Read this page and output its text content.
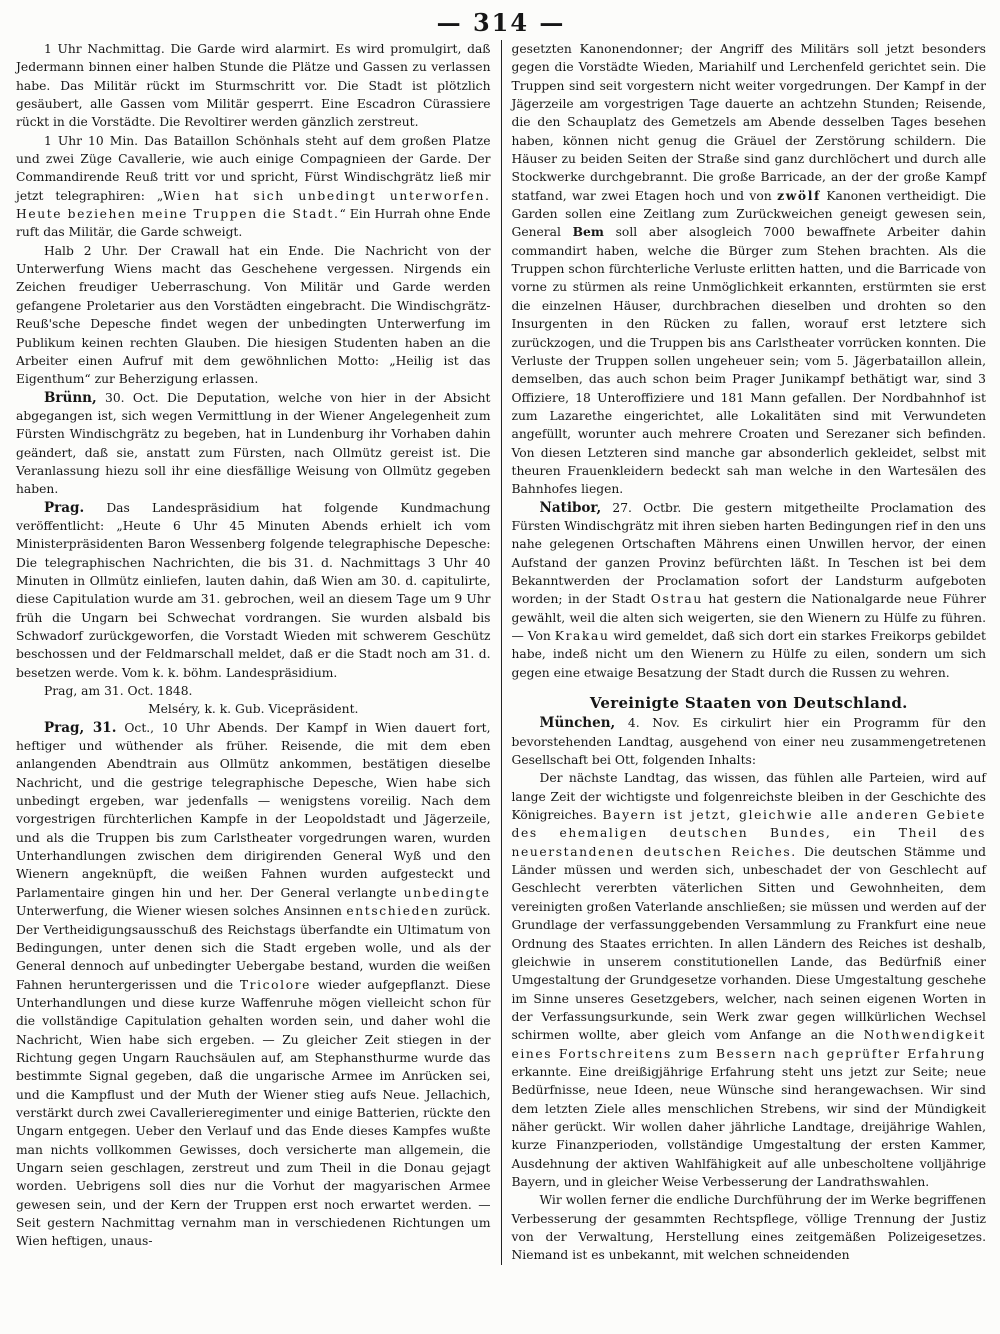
— 314 —

1 Uhr Nachmittag. Die Garde wird alarmirt. Es wird promulgirt, daß Jedermann binnen einer halben Stunde die Plätze und Gassen zu verlassen habe. Das Militär rückt im Sturmschritt vor. Die Stadt ist plötzlich gesäubert, alle Gassen vom Militär gesperrt. Eine Escadron Cürassiere rückt in die Vorstädte. Die Revoltirer werden gänzlich zerstreut.

1 Uhr 10 Min. Das Bataillon Schönhals steht auf dem großen Platze und zwei Züge Cavallerie, wie auch einige Compagnieen der Garde. Der Commandirende Reuß tritt vor und spricht, Fürst Windischgrätz ließ mir jetzt telegraphiren: „Wien hat sich unbedingt unterworfen. Heute beziehen meine Truppen die Stadt.“ Ein Hurrah ohne Ende ruft das Militär, die Garde schweigt.

Halb 2 Uhr. Der Crawall hat ein Ende. Die Nachricht von der Unterwerfung Wiens macht das Geschehene vergessen. Nirgends ein Zeichen freudiger Ueberraschung. Von Militär und Garde werden gefangene Proletarier aus den Vorstädten eingebracht. Die Windischgrätz-Reuß'sche Depesche findet wegen der unbedingten Unterwerfung im Publikum keinen rechten Glauben. Die hiesigen Studenten haben an die Arbeiter einen Aufruf mit dem gewöhnlichen Motto: „Heilig ist das Eigenthum“ zur Beherzigung erlassen.

Brünn, 30. Oct. Die Deputation, welche von hier in der Absicht abgegangen ist, sich wegen Vermittlung in der Wiener Angelegenheit zum Fürsten Windischgrätz zu begeben, hat in Lundenburg ihr Vorhaben dahin geändert, daß sie, anstatt zum Fürsten, nach Ollmütz gereist ist. Die Veranlassung hiezu soll ihr eine diesfällige Weisung von Ollmütz gegeben haben.

Prag. Das Landespräsidium hat folgende Kundmachung veröffentlicht: „Heute 6 Uhr 45 Minuten Abends erhielt ich vom Ministerpräsidenten Baron Wessenberg folgende telegraphische Depesche: Die telegraphischen Nachrichten, die bis 31. d. Nachmittags 3 Uhr 40 Minuten in Ollmütz einliefen, lauten dahin, daß Wien am 30. d. capitulirte, diese Capitulation wurde am 31. gebrochen, weil an diesem Tage um 9 Uhr früh die Ungarn bei Schwechat vordrangen. Sie wurden alsbald bis Schwadorf zurückgeworfen, die Vorstadt Wieden mit schwerem Geschütz beschossen und der Feldmarschall meldet, daß er die Stadt noch am 31. d. besetzen werde. Vom k. k. böhm. Landespräsidium.

Prag, am 31. Oct. 1848.

Melséry, k. k. Gub. Vicepräsident.

Prag, 31. Oct., 10 Uhr Abends. Der Kampf in Wien dauert fort, heftiger und wüthender als früher. Reisende, die mit dem eben anlangenden Abendtrain aus Ollmütz ankommen, bestätigen dieselbe Nachricht, und die gestrige telegraphische Depesche, Wien habe sich unbedingt ergeben, war jedenfalls — wenigstens voreilig. Nach dem vorgestrigen fürchterlichen Kampfe in der Leopoldstadt und Jägerzeile, und als die Truppen bis zum Carlstheater vorgedrungen waren, wurden Unterhandlungen zwischen dem dirigirenden General Wyß und den Wienern angeknüpft, die weißen Fahnen wurden aufgesteckt und Parlamentaire gingen hin und her. Der General verlangte unbedingte Unterwerfung, die Wiener wiesen solches Ansinnen entschieden zurück. Der Vertheidigungsausschuß des Reichstags überfandte ein Ultimatum von Bedingungen, unter denen sich die Stadt ergeben wolle, und als der General dennoch auf unbedingter Uebergabe bestand, wurden die weißen Fahnen heruntergerissen und die Tricolore wieder aufgepflanzt. Diese Unterhandlungen und diese kurze Waffenruhe mögen vielleicht schon für die vollständige Capitulation gehalten worden sein, und daher wohl die Nachricht, Wien habe sich ergeben. — Zu gleicher Zeit stiegen in der Richtung gegen Ungarn Rauchsäulen auf, am Stephansthurme wurde das bestimmte Signal gegeben, daß die ungarische Armee im Anrücken sei, und die Kampflust und der Muth der Wiener stieg aufs Neue. Jellachich, verstärkt durch zwei Cavallerieregimenter und einige Batterien, rückte den Ungarn entgegen. Ueber den Verlauf und das Ende dieses Kampfes wußte man nichts vollkommen Gewisses, doch versicherte man allgemein, die Ungarn seien geschlagen, zerstreut und zum Theil in die Donau gejagt worden. Uebrigens soll dies nur die Vorhut der magyarischen Armee gewesen sein, und der Kern der Truppen erst noch erwartet werden. — Seit gestern Nachmittag vernahm man in verschiedenen Richtungen um Wien heftigen, unaus-

gesetzten Kanonendonner; der Angriff des Militärs soll jetzt besonders gegen die Vorstädte Wieden, Mariahilf und Lerchenfeld gerichtet sein. Die Truppen sind seit vorgestern nicht weiter vorgedrungen. Der Kampf in der Jägerzeile am vorgestrigen Tage dauerte an achtzehn Stunden; Reisende, die den Schauplatz des Gemetzels am Abende desselben Tages besehen haben, können nicht genug die Gräuel der Zerstörung schildern. Die Häuser zu beiden Seiten der Straße sind ganz durchlöchert und durch alle Stockwerke durchgebrannt. Die große Barricade, an der der große Kampf statfand, war zwei Etagen hoch und von zwölf Kanonen vertheidigt. Die Garden sollen eine Zeitlang zum Zurückweichen geneigt gewesen sein, General Bem soll aber alsogleich 7000 bewaffnete Arbeiter dahin commandirt haben, welche die Bürger zum Stehen brachten. Als die Truppen schon fürchterliche Verluste erlitten hatten, und die Barricade von vorne zu stürmen als reine Unmöglichkeit erkannten, erstürmten sie erst die einzelnen Häuser, durchbrachen dieselben und drohten so den Insurgenten in den Rücken zu fallen, worauf erst letztere sich zurückzogen, und die Truppen bis ans Carlstheater vorrücken konnten. Die Verluste der Truppen sollen ungeheuer sein; vom 5. Jägerbataillon allein, demselben, das auch schon beim Prager Junikampf bethätigt war, sind 3 Offiziere, 18 Unteroffiziere und 181 Mann gefallen. Der Nordbahnhof ist zum Lazarethe eingerichtet, alle Lokalitäten sind mit Verwundeten angefüllt, worunter auch mehrere Croaten und Serezaner sich befinden. Von diesen Letzteren sind manche gar absonderlich gekleidet, selbst mit theuren Frauenkleidern bedeckt sah man welche in den Wartesälen des Bahnhofes liegen.

Natibor, 27. Octbr. Die gestern mitgetheilte Proclamation des Fürsten Windischgrätz mit ihren sieben harten Bedingungen rief in den uns nahe gelegenen Ortschaften Mährens einen Unwillen hervor, der einen Aufstand der ganzen Provinz befürchten läßt. In Teschen ist bei dem Bekanntwerden der Proclamation sofort der Landsturm aufgeboten worden; in der Stadt Ostrau hat gestern die Nationalgarde neue Führer gewählt, weil die alten sich weigerten, sie den Wienern zu Hülfe zu führen. — Von Krakau wird gemeldet, daß sich dort ein starkes Freikorps gebildet habe, indeß nicht um den Wienern zu Hülfe zu eilen, sondern um sich gegen eine etwaige Besatzung der Stadt durch die Russen zu wehren.

Vereinigte Staaten von Deutschland.

München, 4. Nov. Es cirkulirt hier ein Programm für den bevorstehenden Landtag, ausgehend von einer neu zusammengetretenen Gesellschaft bei Ott, folgenden Inhalts:

Der nächste Landtag, das wissen, das fühlen alle Parteien, wird auf lange Zeit der wichtigste und folgenreichste bleiben in der Geschichte des Königreiches. Bayern ist jetzt, gleichwie alle anderen Gebiete des ehemaligen deutschen Bundes, ein Theil des neuerstandenen deutschen Reiches. Die deutschen Stämme und Länder müssen und werden sich, unbeschadet der von Geschlecht auf Geschlecht vererbten väterlichen Sitten und Gewohnheiten, dem vereinigten großen Vaterlande anschließen; sie müssen und werden auf der Grundlage der verfassunggebenden Versammlung zu Frankfurt eine neue Ordnung des Staates errichten. In allen Ländern des Reiches ist deshalb, gleichwie in unserem constitutionellen Lande, das Bedürfniß einer Umgestaltung der Grundgesetze vorhanden. Diese Umgestaltung geschehe im Sinne unseres Gesetzgebers, welcher, nach seinen eigenen Worten in der Verfassungsurkunde, sein Werk zwar gegen willkürlichen Wechsel schirmen wollte, aber gleich vom Anfange an die Nothwendigkeit eines Fortschreitens zum Bessern nach geprüfter Erfahrung erkannte. Eine dreißigjährige Erfahrung steht uns jetzt zur Seite; neue Bedürfnisse, neue Ideen, neue Wünsche sind herangewachsen. Wir sind dem letzten Ziele alles menschlichen Strebens, wir sind der Mündigkeit näher gerückt. Wir wollen daher jährliche Landtage, dreijährige Wahlen, kurze Finanzperioden, vollständige Umgestaltung der ersten Kammer, Ausdehnung der aktiven Wahlfähigkeit auf alle unbescholtene volljährige Bayern, und in gleicher Weise Verbesserung der Landrathswahlen.

Wir wollen ferner die endliche Durchführung der im Werke begriffenen Verbesserung der gesammten Rechtspflege, völlige Trennung der Justiz von der Verwaltung, Herstellung eines zeitgemäßen Polizeigesetzes. Niemand ist es unbekannt, mit welchen schneidenden
